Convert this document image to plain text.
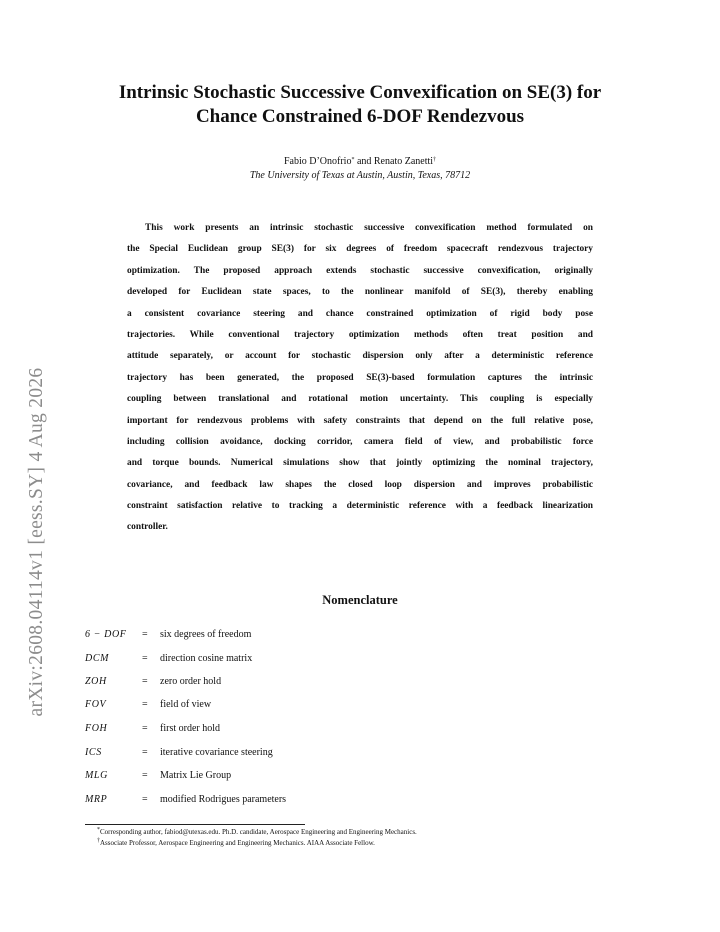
Intrinsic Stochastic Successive Convexification on SE(3) for
Chance Constrained 6-DOF Rendezvous
Fabio D’Onofrio* and Renato Zanetti†
The University of Texas at Austin, Austin, Texas, 78712
This work presents an intrinsic stochastic successive convexification method formulated on
the Special Euclidean group SE(3) for six degrees of freedom spacecraft rendezvous trajectory
optimization. The proposed approach extends stochastic successive convexification, originally
developed for Euclidean state spaces, to the nonlinear manifold of SE(3), thereby enabling
a consistent covariance steering and chance constrained optimization of rigid body pose
trajectories. While conventional trajectory optimization methods often treat position and
attitude separately, or account for stochastic dispersion only after a deterministic reference
trajectory has been generated, the proposed SE(3)-based formulation captures the intrinsic
coupling between translational and rotational motion uncertainty. This coupling is especially
important for rendezvous problems with safety constraints that depend on the full relative pose,
including collision avoidance, docking corridor, camera field of view, and probabilistic force
and torque bounds. Numerical simulations show that jointly optimizing the nominal trajectory,
covariance, and feedback law shapes the closed loop dispersion and improves probabilistic
constraint satisfaction relative to tracking a deterministic reference with a feedback linearization
controller.
Nomenclature
6 − DOF = six degrees of freedom
DCM	= direction cosine matrix
ZOH	= zero order hold
FOV	= field of view
FOH	= first order hold
ICS	= iterative covariance steering
MLG	= Matrix Lie Group
MRP	= modified Rodrigues parameters
*Corresponding author, fabiod@utexas.edu. Ph.D. candidate, Aerospace Engineering and Engineering Mechanics.
†Associate Professor, Aerospace Engineering and Engineering Mechanics. AIAA Associate Fellow.
arXiv:2608.04114v1 [eess.SY] 4 Aug 2026
